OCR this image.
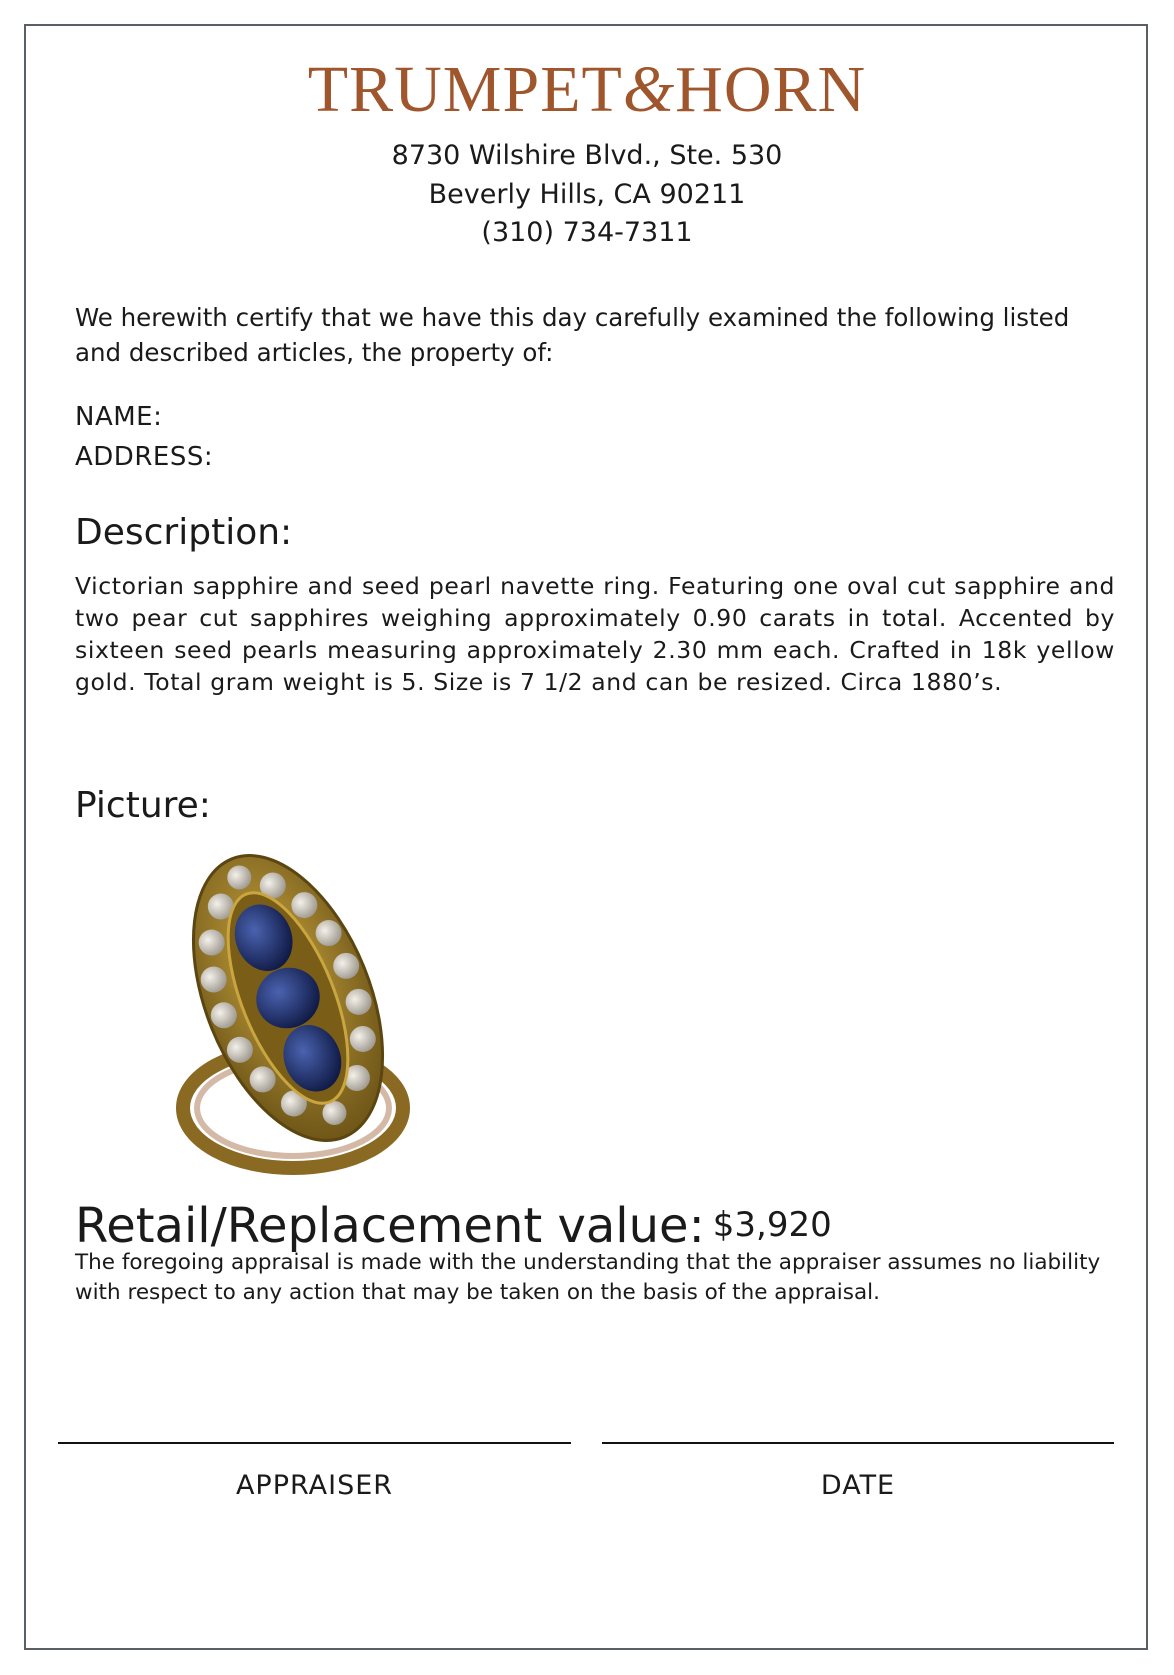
TRUMPET&HORN
8730 Wilshire Blvd., Ste. 530
Beverly Hills, CA 90211
(310) 734-7311
We herewith certify that we have this day carefully examined the following listed and described articles, the property of:
NAME:
ADDRESS:
Description:
Victorian sapphire and seed pearl navette ring. Featuring one oval cut sapphire and two pear cut sapphires weighing approximately 0.90 carats in total. Accented by sixteen seed pearls measuring approximately 2.30 mm each. Crafted in 18k yellow gold. Total gram weight is 5. Size is 7 1/2 and can be resized. Circa 1880’s.
Picture:
Retail/Replacement value: $3,920
The foregoing appraisal is made with the understanding that the appraiser assumes no liability with respect to any action that may be taken on the basis of the appraisal.
APPRAISER	DATE
